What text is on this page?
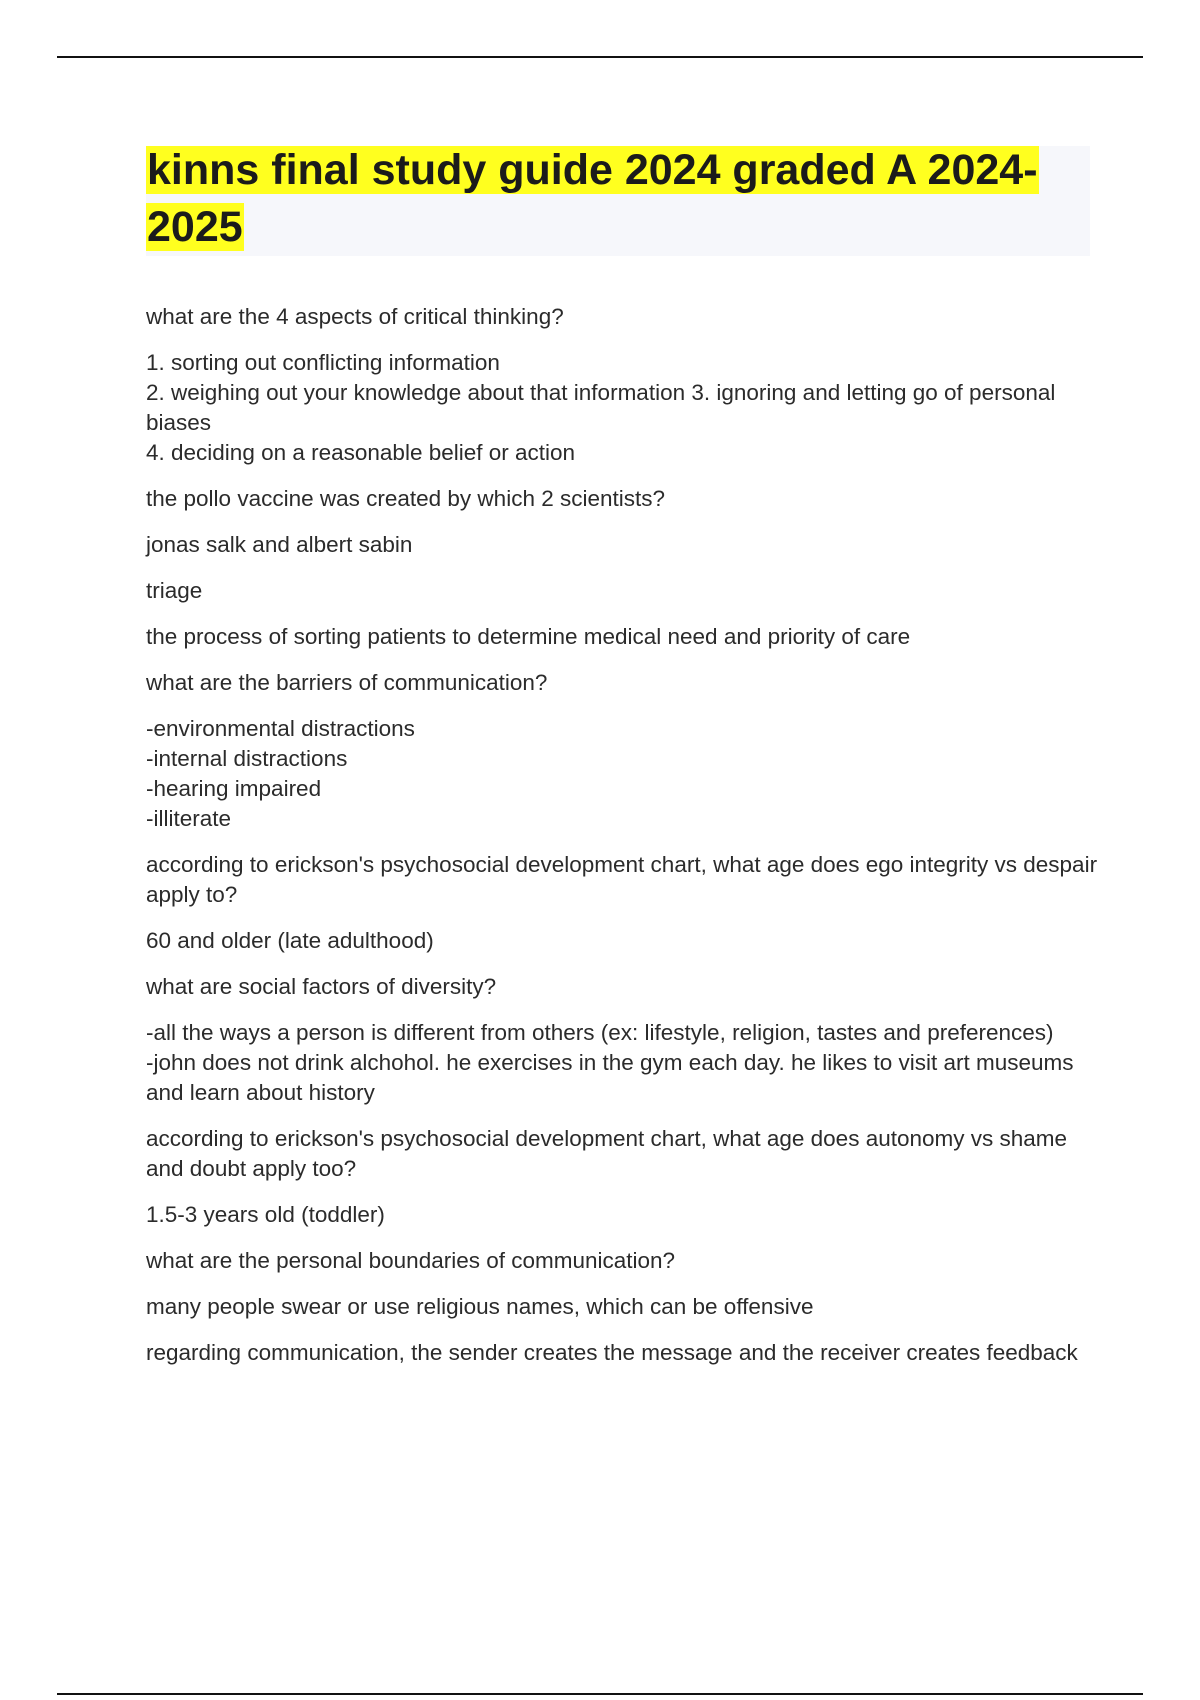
kinns final study guide 2024 graded A 2024-2025
what are the 4 aspects of critical thinking?
1. sorting out conflicting information
2. weighing out your knowledge about that information 3. ignoring and letting go of personal biases
4. deciding on a reasonable belief or action
the pollo vaccine was created by which 2 scientists?
jonas salk and albert sabin
triage
the process of sorting patients to determine medical need and priority of care
what are the barriers of communication?
-environmental distractions
-internal distractions
-hearing impaired
-illiterate
according to erickson's psychosocial development chart, what age does ego integrity vs despair apply to?
60 and older (late adulthood)
what are social factors of diversity?
-all the ways a person is different from others (ex: lifestyle, religion, tastes and preferences)
-john does not drink alchohol. he exercises in the gym each day. he likes to visit art museums and learn about history
according to erickson's psychosocial development chart, what age does autonomy vs shame and doubt apply too?
1.5-3 years old (toddler)
what are the personal boundaries of communication?
many people swear or use religious names, which can be offensive
regarding communication, the sender creates the message and the receiver creates feedback
